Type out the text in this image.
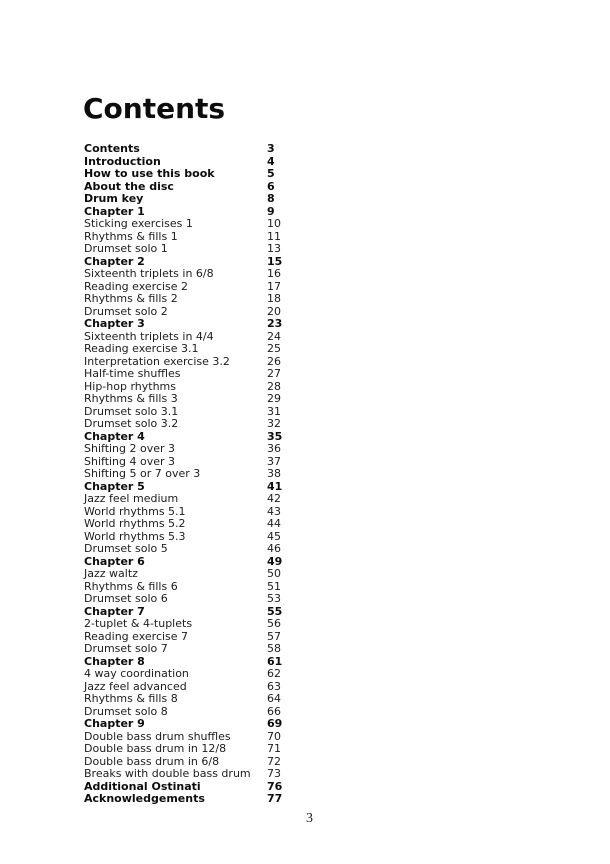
Contents
Contents	3
Introduction	4
How to use this book	5
About the disc	6
Drum key	8
Chapter 1	9
Sticking exercises 1	10
Rhythms & fills 1	11
Drumset solo 1	13
Chapter 2	15
Sixteenth triplets in 6/8	16
Reading exercise 2	17
Rhythms & fills 2	18
Drumset solo 2	20
Chapter 3	23
Sixteenth triplets in 4/4	24
Reading exercise 3.1	25
Interpretation exercise 3.2	26
Half-time shuffles	27
Hip-hop rhythms	28
Rhythms & fills 3	29
Drumset solo 3.1	31
Drumset solo 3.2	32
Chapter 4	35
Shifting 2 over 3	36
Shifting 4 over 3	37
Shifting 5 or 7 over 3	38
Chapter 5	41
Jazz feel medium	42
World rhythms 5.1	43
World rhythms 5.2	44
World rhythms 5.3	45
Drumset solo 5	46
Chapter 6	49
Jazz waltz	50
Rhythms & fills 6	51
Drumset solo 6	53
Chapter 7	55
2-tuplet & 4-tuplets	56
Reading exercise 7	57
Drumset solo 7	58
Chapter 8	61
4 way coordination	62
Jazz feel advanced	63
Rhythms & fills 8	64
Drumset solo 8	66
Chapter 9	69
Double bass drum shuffles	70
Double bass drum in 12/8	71
Double bass drum in 6/8	72
Breaks with double bass drum 73
Additional Ostinati	76
Acknowledgements	77
3
